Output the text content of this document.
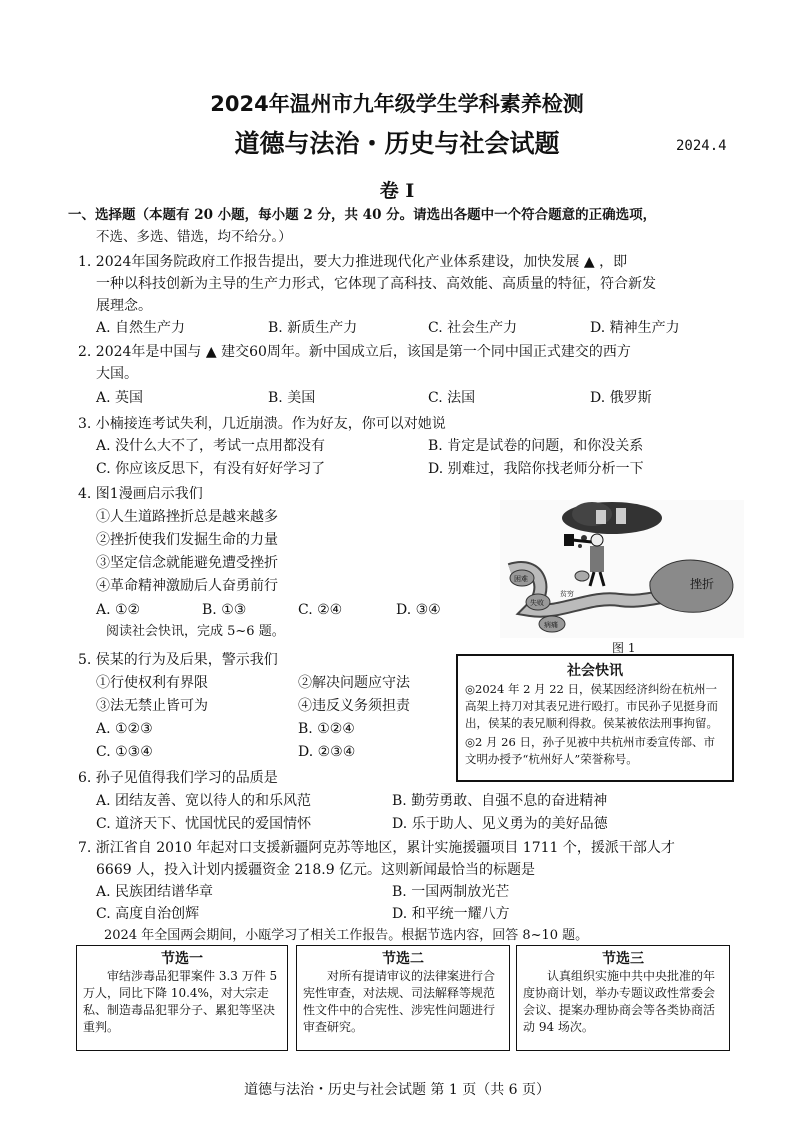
2024年温州市九年级学生学科素养检测
道德与法治・历史与社会试题	2024.4
卷 Ⅰ
一、选择题（本题有 20 小题，每小题 2 分，共 40 分。请选出各题中一个符合题意的正确选项，
不选、多选、错选，均不给分。）
1. 2024年国务院政府工作报告提出，要大力推进现代化产业体系建设，加快发展 ▲ ，即
一种以科技创新为主导的生产力形式，它体现了高科技、高效能、高质量的特征，符合新发
展理念。
A. 自然生产力	B. 新质生产力	C. 社会生产力	D. 精神生产力
2. 2024年是中国与 ▲ 建交60周年。新中国成立后，该国是第一个同中国正式建交的西方
大国。
A. 英国	B. 美国	C. 法国	D. 俄罗斯
3. 小楠接连考试失利，几近崩溃。作为好友，你可以对她说
A. 没什么大不了，考试一点用都没有	B. 肯定是试卷的问题，和你没关系
C. 你应该反思下，有没有好好学习了	D. 别难过，我陪你找老师分析一下
4. 图1漫画启示我们
①人生道路挫折总是越来越多
②挫折使我们发掘生命的力量
③坚定信念就能避免遭受挫折
④革命精神激励后人奋勇前行
A. ①②	B. ①③	C. ②④	D. ③④
阅读社会快讯，完成 5~6 题。
挫折
困难
失败
病痛
贫穷
图 1
社会快讯
◎2024 年 2 月 22 日，侯某因经济纠纷在杭州一高架上持刀对其表兄进行殴打。市民孙子见挺身而出，侯某的表兄顺利得救。侯某被依法刑事拘留。
◎2 月 26 日，孙子见被中共杭州市委宣传部、市文明办授予“杭州好人”荣誉称号。
5. 侯某的行为及后果，警示我们
①行使权利有界限	②解决问题应守法
③法无禁止皆可为	④违反义务须担责
A. ①②③	B. ①②④
C. ①③④	D. ②③④
6. 孙子见值得我们学习的品质是
A. 团结友善、宽以待人的和乐风范	B. 勤劳勇敢、自强不息的奋进精神
C. 道济天下、忧国忧民的爱国情怀	D. 乐于助人、见义勇为的美好品德
7. 浙江省自 2010 年起对口支援新疆阿克苏等地区，累计实施援疆项目 1711 个，援派干部人才
6669 人，投入计划内援疆资金 218.9 亿元。这则新闻最恰当的标题是
A. 民族团结谱华章	B. 一国两制放光芒
C. 高度自治创辉	D. 和平统一耀八方
2024 年全国两会期间，小瓯学习了相关工作报告。根据节选内容，回答 8~10 题。
节选一
审结涉毒品犯罪案件 3.3 万件 5 万人，同比下降 10.4%，对大宗走私、制造毒品犯罪分子、累犯等坚决重判。
节选二
对所有提请审议的法律案进行合宪性审查，对法规、司法解释等规范性文件中的合宪性、涉宪性问题进行审查研究。
节选三
认真组织实施中共中央批准的年度协商计划，举办专题议政性常委会会议、提案办理协商会等各类协商活动 94 场次。
道德与法治・历史与社会试题 第 1 页（共 6 页）
